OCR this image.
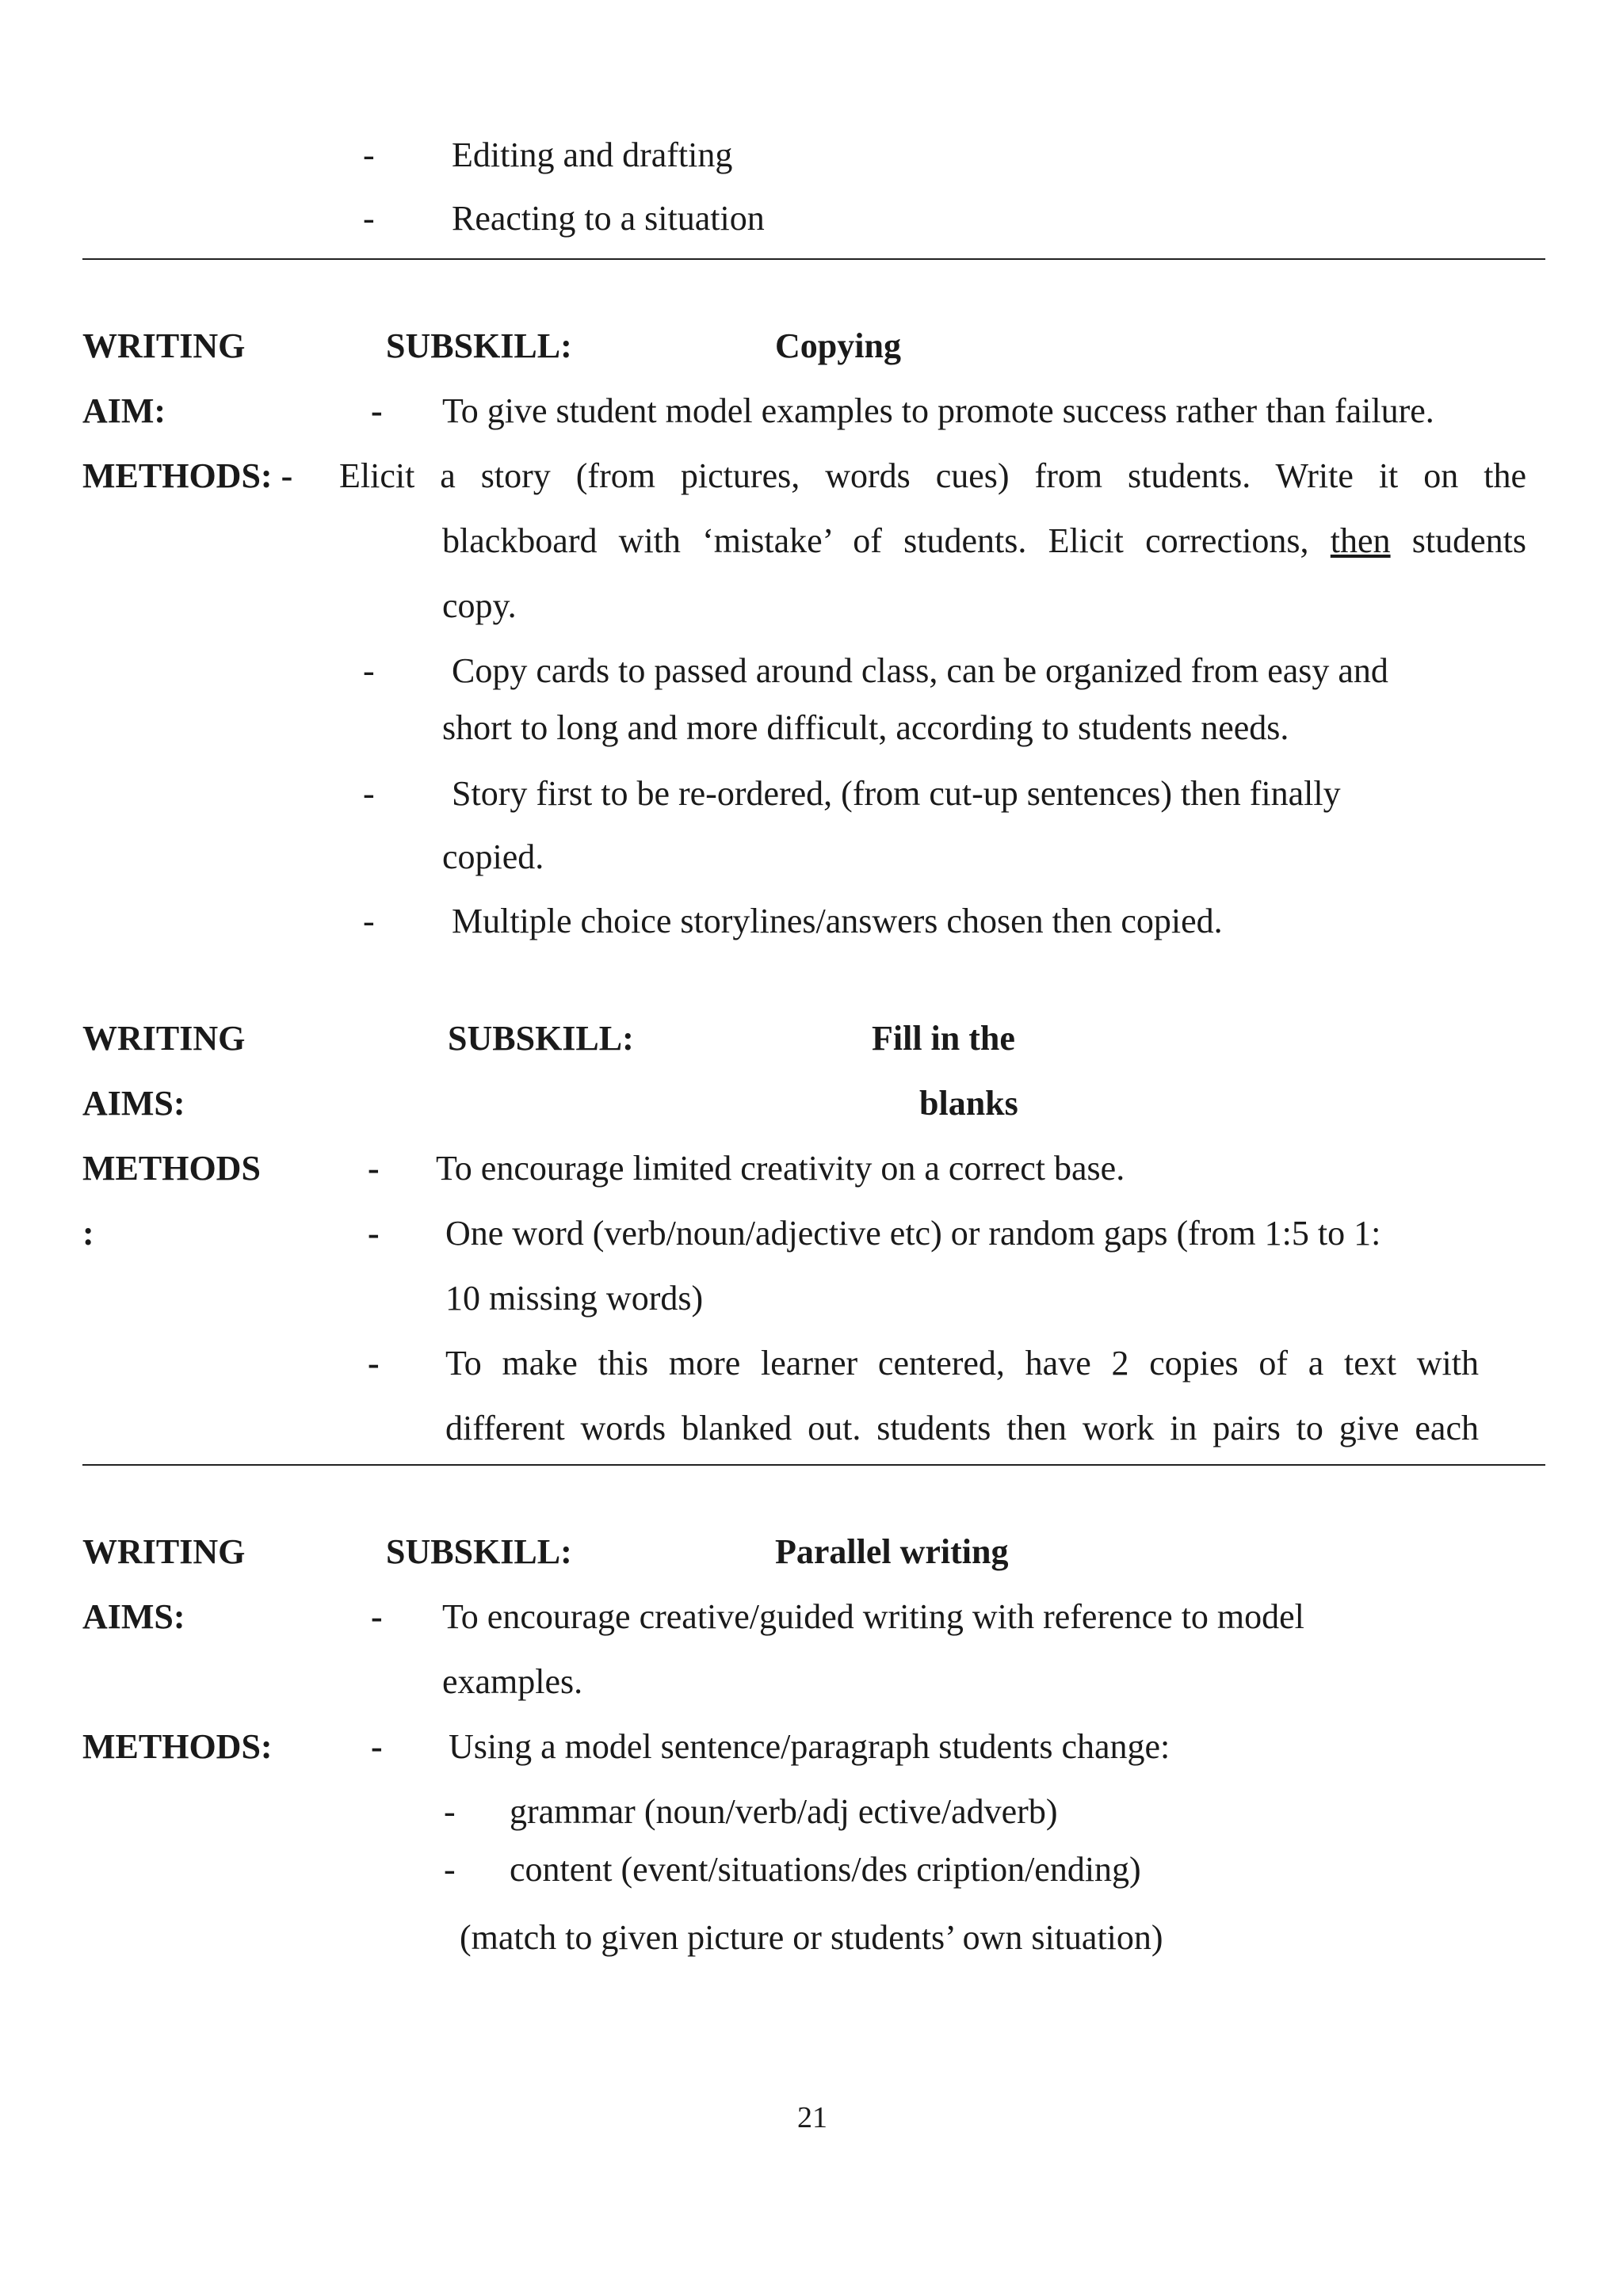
- Editing and drafting
- Reacting to a situation
WRITING	SUBSKILL:	Copying
AIM:	- To give student model examples to promote success rather than failure.
METHODS: - Elicit a story (from pictures, words cues) from students. Write it on the
blackboard with ‘mistake’ of students. Elicit corrections, then students
copy.
- Copy cards to passed around class, can be organized from easy and
short to long and more difficult, according to students needs.
- Story first to be re-ordered, (from cut-up sentences) then finally
copied.
- Multiple choice storylines/answers chosen then copied.
WRITING	SUBSKILL:	Fill in the
blanks
AIMS:
METHODS
:
- To encourage limited creativity on a correct base.
- One word (verb/noun/adjective etc) or random gaps (from 1:5 to 1:
10 missing words)
- To make this more learner centered, have 2 copies of a text with
different words blanked out. students then work in pairs to give each
WRITING	SUBSKILL:	Parallel writing
AIMS:	- To encourage creative/guided writing with reference to model
examples.
METHODS:	- Using a model sentence/paragraph students change:
- grammar (noun/verb/adj ective/adverb)
- content (event/situations/des cription/ending)
(match to given picture or students’ own situation)
21
